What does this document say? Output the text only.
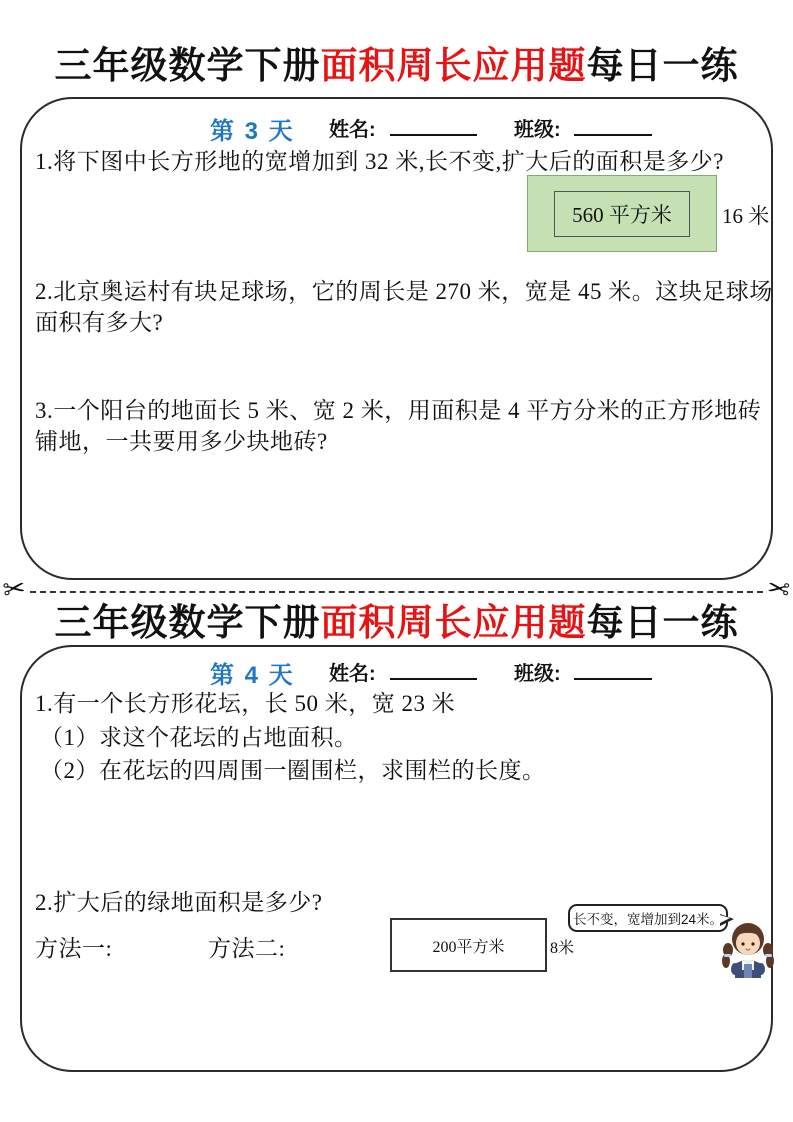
三年级数学下册面积周长应用题每日一练
第 3 天 姓名:	班级:
1.将下图中长方形地的宽增加到 32 米,长不变,扩大后的面积是多少?
560 平方米	16 米
2.北京奥运村有块足球场，它的周长是 270 米，宽是 45 米。这块足球场面积有多大?
3.一个阳台的地面长 5 米、宽 2 米，用面积是 4 平方分米的正方形地砖铺地，一共要用多少块地砖?
✂	✂
三年级数学下册面积周长应用题每日一练
第 4 天 姓名:	班级:
1.有一个长方形花坛，长 50 米，宽 23 米
（1）求这个花坛的占地面积。
（2）在花坛的四周围一圈围栏，求围栏的长度。
2.扩大后的绿地面积是多少?
方法一:	方法二:	200平方米	8米
长不变，宽增加到24米。
